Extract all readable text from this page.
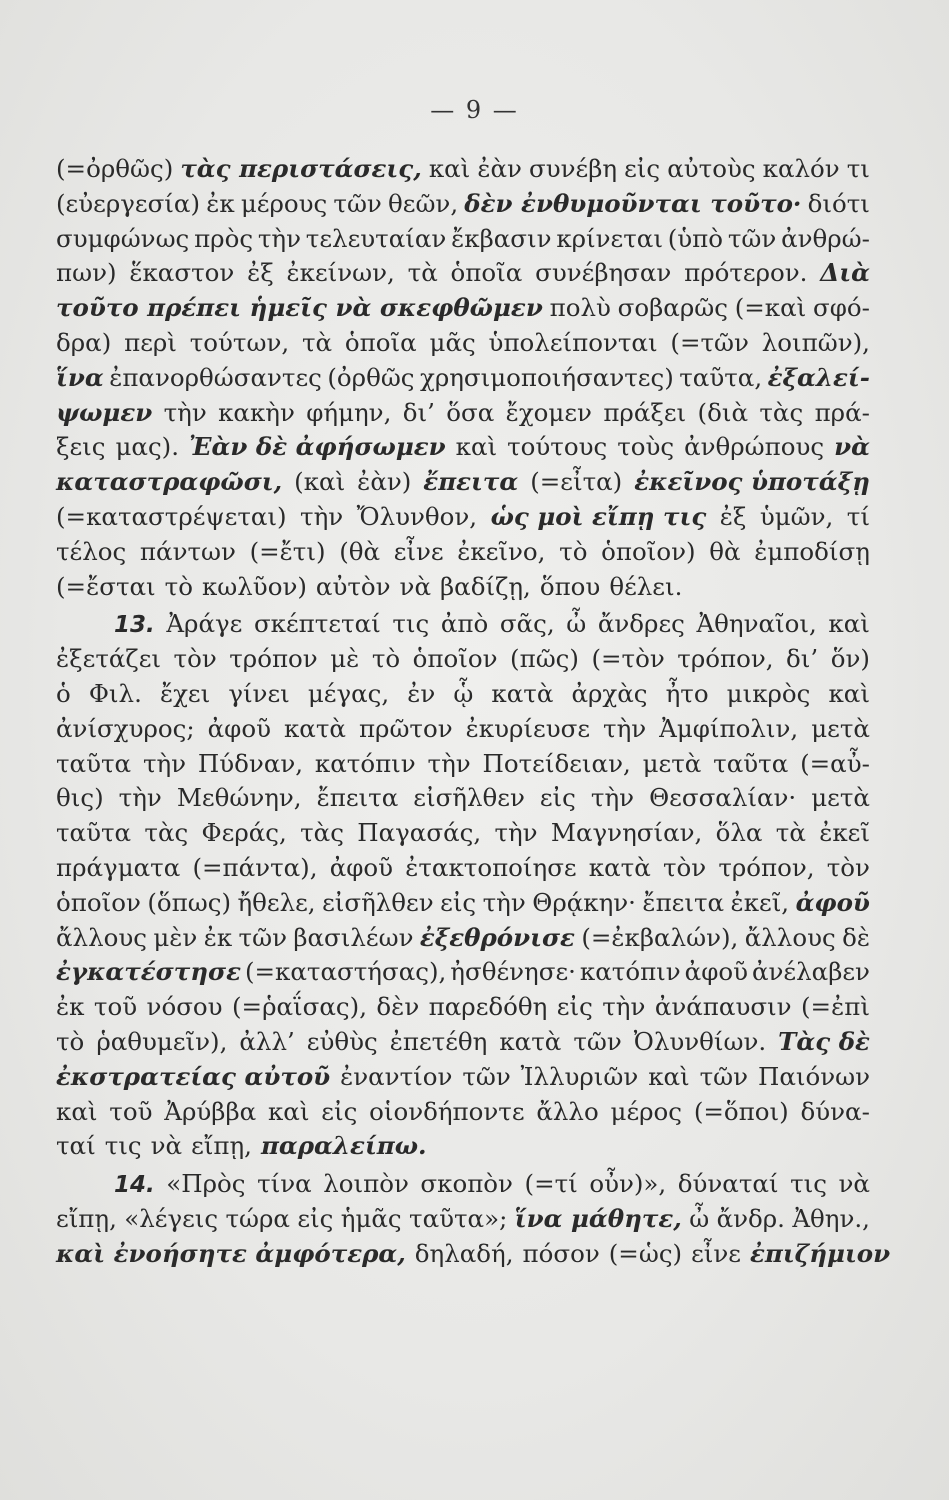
— 9 —
(=ὀρθῶς) τὰς περιστάσεις, καὶ ἐὰν συνέβη εἰς αὐτοὺς καλόν τι
(εὐεργεσία) ἐκ μέρους τῶν θεῶν, δὲν ἐνθυμοῦνται τοῦτο· διότι
συμφώνως πρὸς τὴν τελευταίαν ἔκβασιν κρίνεται (ὑπὸ τῶν ἀνθρώ-
πων) ἕκαστον ἐξ ἐκείνων, τὰ ὁποῖα συνέβησαν πρότερον. Διὰ
τοῦτο πρέπει ἡμεῖς νὰ σκεφθῶμεν πολὺ σοβαρῶς (=καὶ σφό-
δρα) περὶ τούτων, τὰ ὁποῖα μᾶς ὑπολείπονται (=τῶν λοιπῶν),
ἵνα ἐπανορθώσαντες (ὀρθῶς χρησιμοποιήσαντες) ταῦτα, ἐξαλεί-
ψωμεν τὴν κακὴν φήμην, δι’ ὅσα ἔχομεν πράξει (διὰ τὰς πρά-
ξεις μας). Ἐὰν δὲ ἀφήσωμεν καὶ τούτους τοὺς ἀνθρώπους νὰ
καταστραφῶσι, (καὶ ἐὰν) ἔπειτα (=εἶτα) ἐκεῖνος ὑποτάξῃ
(=καταστρέψεται) τὴν Ὄλυνθον, ὡς μοὶ εἴπῃ τις ἐξ ὑμῶν, τί
τέλος πάντων (=ἔτι) (θὰ εἶνε ἐκεῖνο, τὸ ὁποῖον) θὰ ἐμποδίσῃ
(=ἔσται τὸ κωλῦον) αὐτὸν νὰ βαδίζῃ, ὅπου θέλει.
13. Ἀράγε σκέπτεταί τις ἀπὸ σᾶς, ὦ ἄνδρες Ἀθηναῖοι, καὶ
ἐξετάζει τὸν τρόπον μὲ τὸ ὁποῖον (πῶς) (=τὸν τρόπον, δι’ ὅν)
ὁ Φιλ. ἔχει γίνει μέγας, ἐν ᾧ κατὰ ἀρχὰς ἦτο μικρὸς καὶ
ἀνίσχυρος; ἀφοῦ κατὰ πρῶτον ἐκυρίευσε τὴν Ἀμφίπολιν, μετὰ
ταῦτα τὴν Πύδναν, κατόπιν τὴν Ποτείδειαν, μετὰ ταῦτα (=αὖ-
θις) τὴν Μεθώνην, ἔπειτα εἰσῆλθεν εἰς τὴν Θεσσαλίαν· μετὰ
ταῦτα τὰς Φεράς, τὰς Παγασάς, τὴν Μαγνησίαν, ὅλα τὰ ἐκεῖ
πράγματα (=πάντα), ἀφοῦ ἐτακτοποίησε κατὰ τὸν τρόπον, τὸν
ὁποῖον (ὅπως) ἤθελε, εἰσῆλθεν εἰς τὴν Θρᾴκην· ἔπειτα ἐκεῖ, ἀφοῦ
ἄλλους μὲν ἐκ τῶν βασιλέων ἐξεθρόνισε (=ἐκβαλών), ἄλλους δὲ
ἐγκατέστησε (=καταστήσας), ἠσθένησε· κατόπιν ἀφοῦ ἀνέλαβεν
ἐκ τοῦ νόσου (=ῥαΐσας), δὲν παρεδόθη εἰς τὴν ἀνάπαυσιν (=ἐπὶ
τὸ ῥαθυμεῖν), ἀλλ’ εὐθὺς ἐπετέθη κατὰ τῶν Ὀλυνθίων. Τὰς δὲ
ἐκστρατείας αὐτοῦ ἐναντίον τῶν Ἰλλυριῶν καὶ τῶν Παιόνων
καὶ τοῦ Ἀρύββα καὶ εἰς οἱονδήποντε ἄλλο μέρος (=ὅποι) δύνα-
ταί τις νὰ εἴπῃ, παραλείπω.
14. «Πρὸς τίνα λοιπὸν σκοπὸν (=τί οὖν)», δύναταί τις νὰ
εἴπῃ, «λέγεις τώρα εἰς ἡμᾶς ταῦτα»; ἵνα μάθητε, ὦ ἄνδρ. Ἀθην.,
καὶ ἐνοήσητε ἀμφότερα, δηλαδή, πόσον (=ὡς) εἶνε ἐπιζήμιον
